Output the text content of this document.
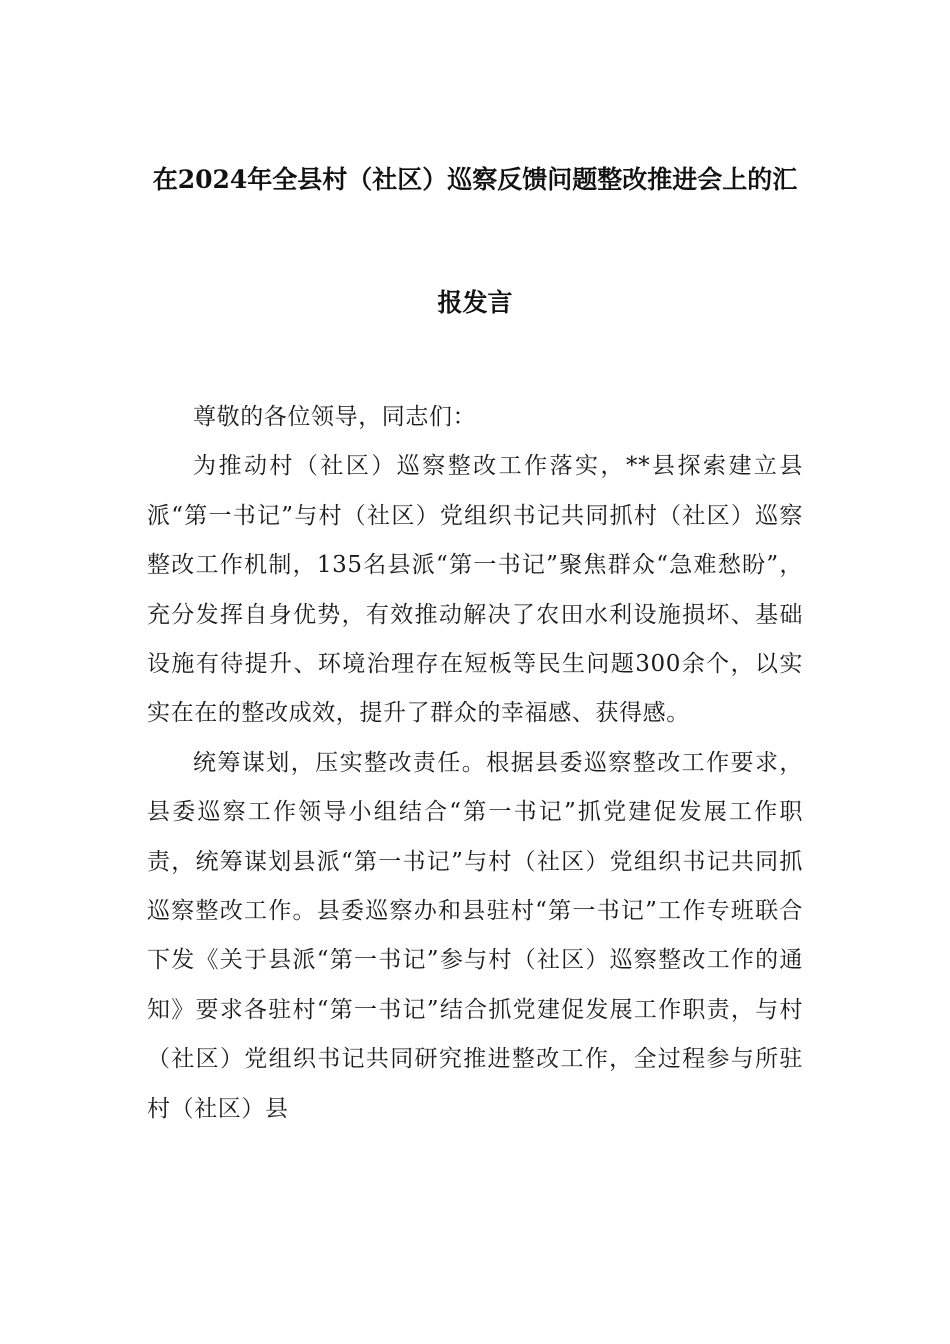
在2024年全县村（社区）巡察反馈问题整改推进会上的汇
报发言

尊敬的各位领导，同志们：

为推动村（社区）巡察整改工作落实，**县探索建立县派“第一书记”与村（社区）党组织书记共同抓村（社区）巡察整改工作机制，135名县派“第一书记”聚焦群众“急难愁盼”，充分发挥自身优势，有效推动解决了农田水利设施损坏、基础设施有待提升、环境治理存在短板等民生问题300余个，以实实在在的整改成效，提升了群众的幸福感、获得感。

统筹谋划，压实整改责任。根据县委巡察整改工作要求，县委巡察工作领导小组结合“第一书记”抓党建促发展工作职责，统筹谋划县派“第一书记”与村（社区）党组织书记共同抓巡察整改工作。县委巡察办和县驻村“第一书记”工作专班联合下发《关于县派“第一书记”参与村（社区）巡察整改工作的通知》要求各驻村“第一书记”结合抓党建促发展工作职责，与村（社区）党组织书记共同研究推进整改工作，全过程参与所驻村（社区）县
